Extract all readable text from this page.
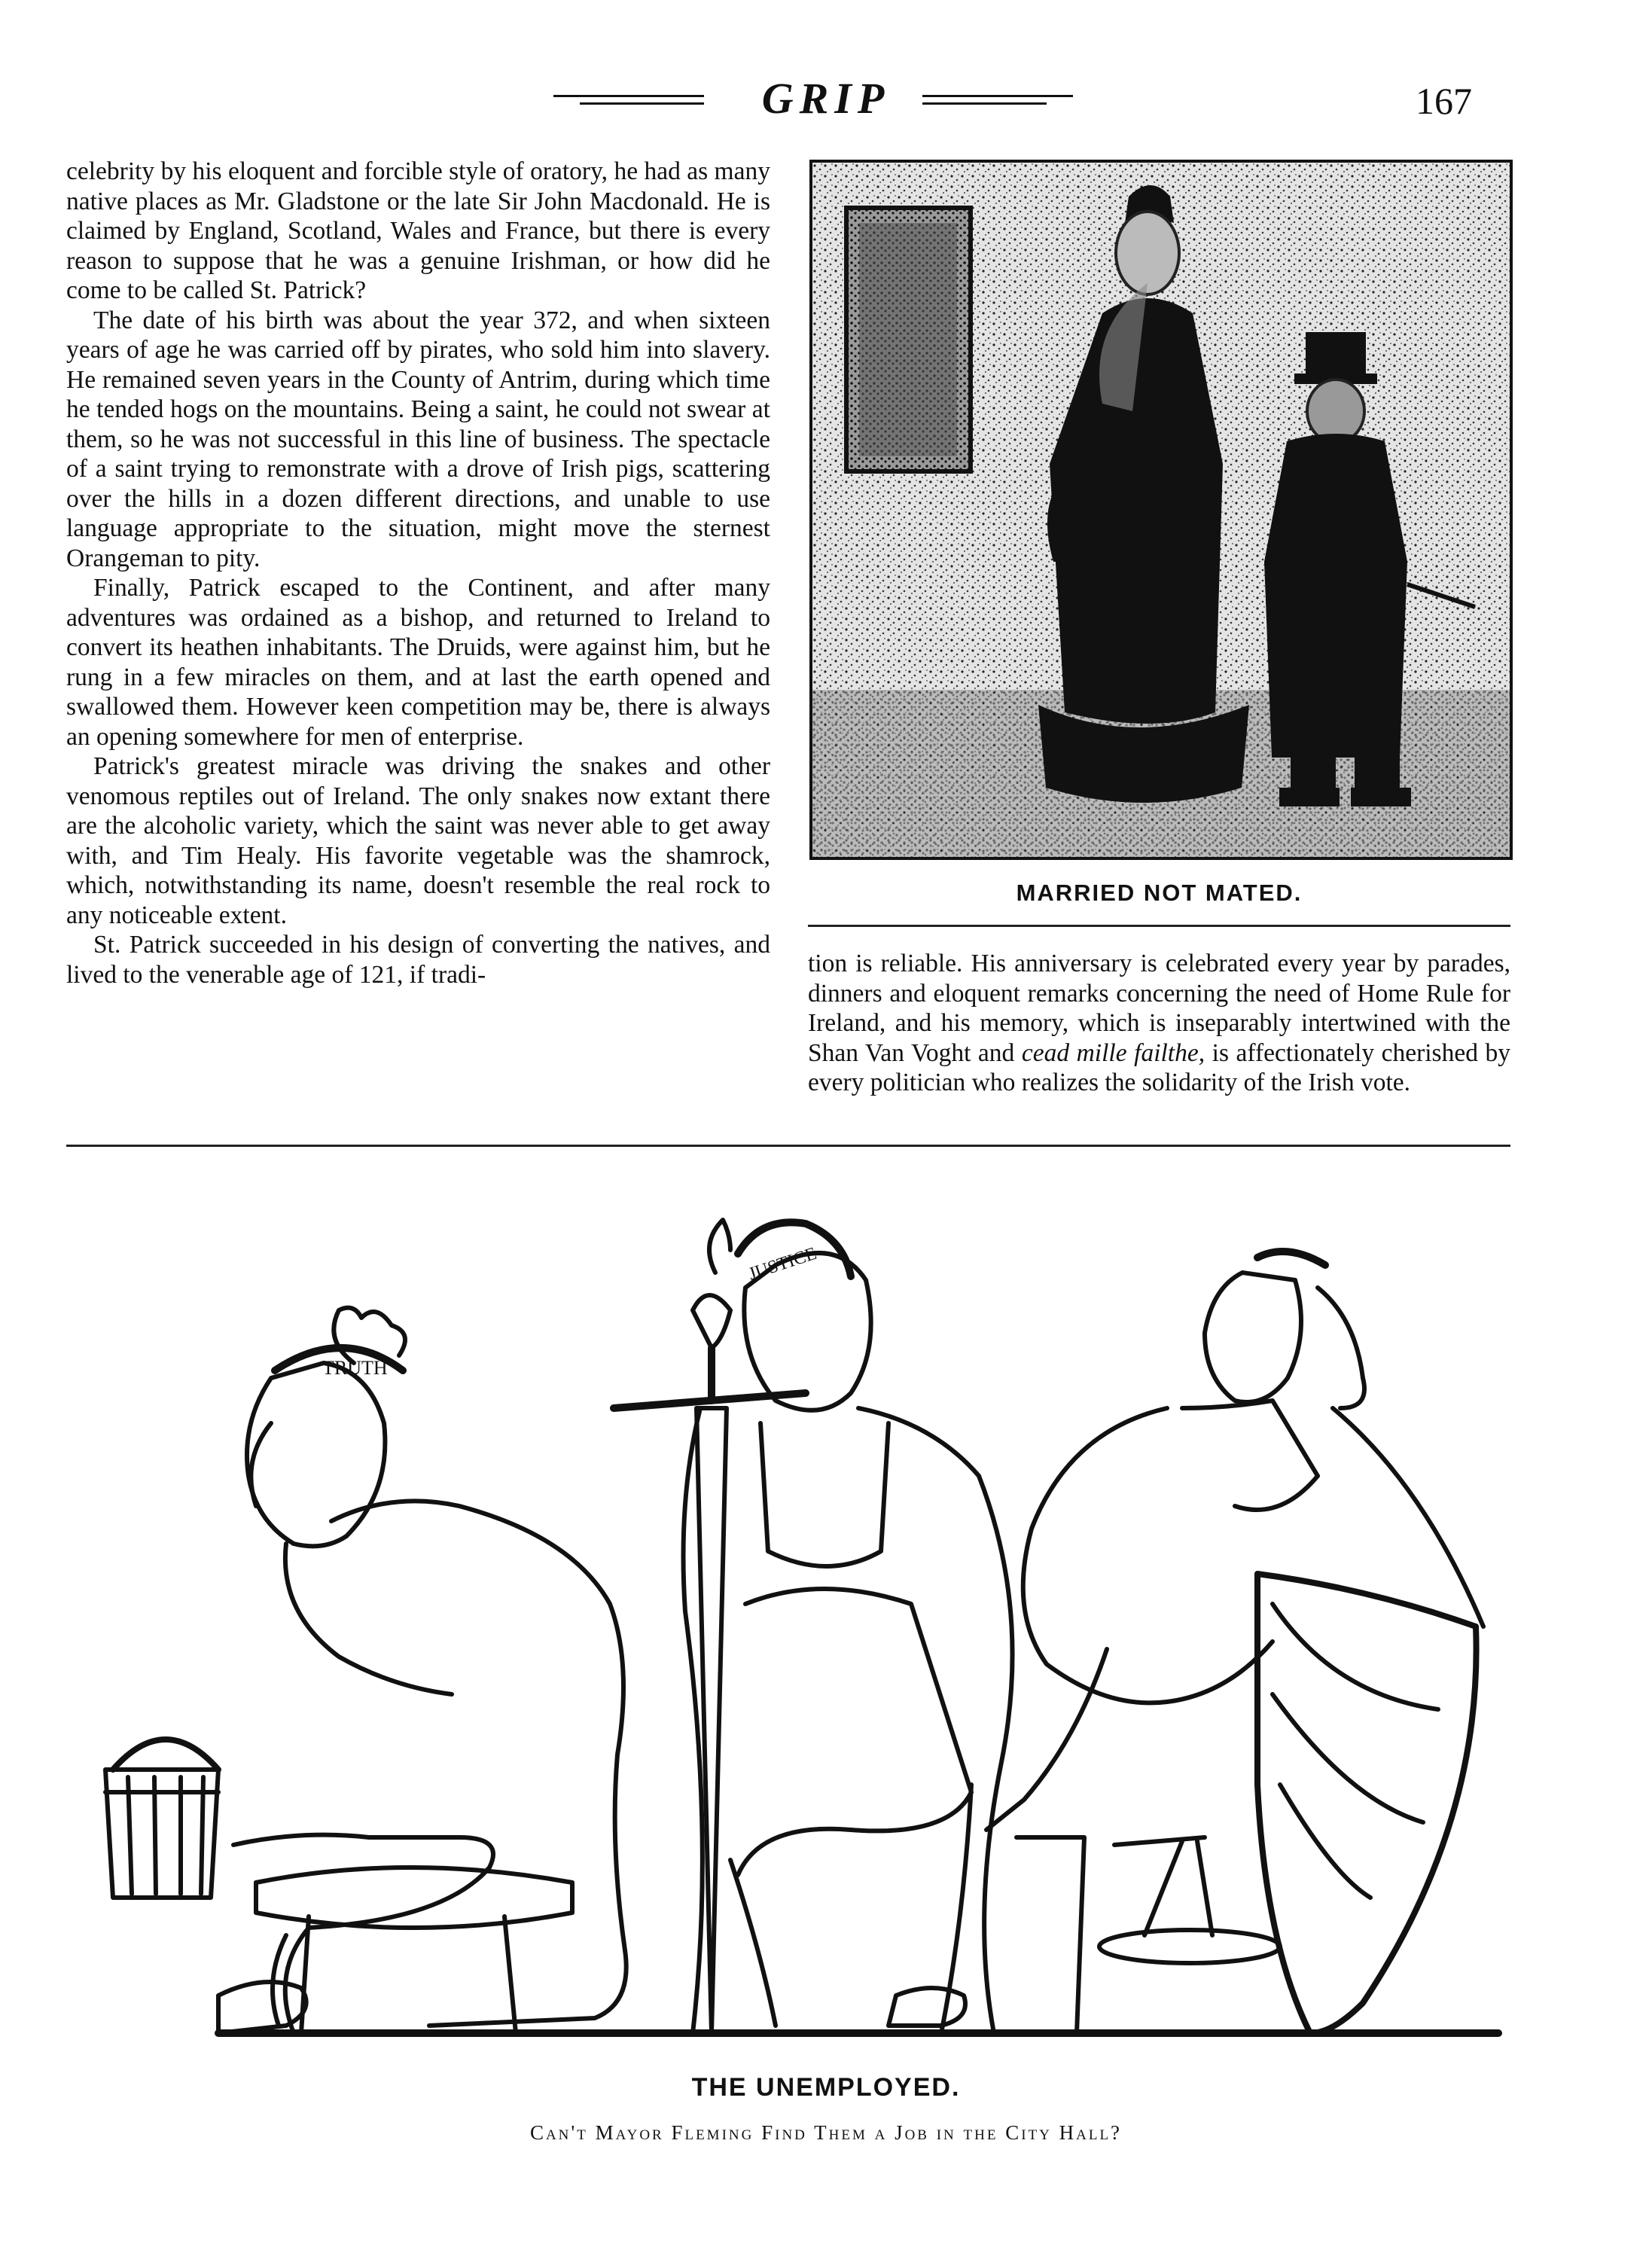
GRIP	167

celebrity by his eloquent and forcible style of oratory, he had as many native places as Mr. Gladstone or the late Sir John Macdonald. He is claimed by England, Scotland, Wales and France, but there is every reason to suppose that he was a genuine Irishman, or how did he come to be called St. Patrick?

The date of his birth was about the year 372, and when sixteen years of age he was carried off by pirates, who sold him into slavery. He remained seven years in the County of Antrim, during which time he tended hogs on the mountains. Being a saint, he could not swear at them, so he was not successful in this line of business. The spectacle of a saint trying to remonstrate with a drove of Irish pigs, scattering over the hills in a dozen different directions, and unable to use language appropriate to the situation, might move the sternest Orangeman to pity.

Finally, Patrick escaped to the Continent, and after many adventures was ordained as a bishop, and returned to Ireland to convert its heathen inhabitants. The Druids, were against him, but he rung in a few miracles on them, and at last the earth opened and swallowed them. However keen competition may be, there is always an opening somewhere for men of enterprise.

Patrick's greatest miracle was driving the snakes and other venomous reptiles out of Ireland. The only snakes now extant there are the alcoholic variety, which the saint was never able to get away with, and Tim Healy. His favorite vegetable was the shamrock, which, notwithstanding its name, doesn't resemble the real rock to any noticeable extent.

St. Patrick succeeded in his design of converting the natives, and lived to the venerable age of 121, if tradi-

MARRIED NOT MATED.

tion is reliable. His anniversary is celebrated every year by parades, dinners and eloquent remarks concerning the need of Home Rule for Ireland, and his memory, which is inseparably intertwined with the Shan Van Voght and cead mille failthe, is affectionately cherished by every politician who realizes the solidarity of the Irish vote.

TRUTH
JUSTICE
THE UNEMPLOYED.
Can't Mayor Fleming Find Them a Job in the City Hall?
